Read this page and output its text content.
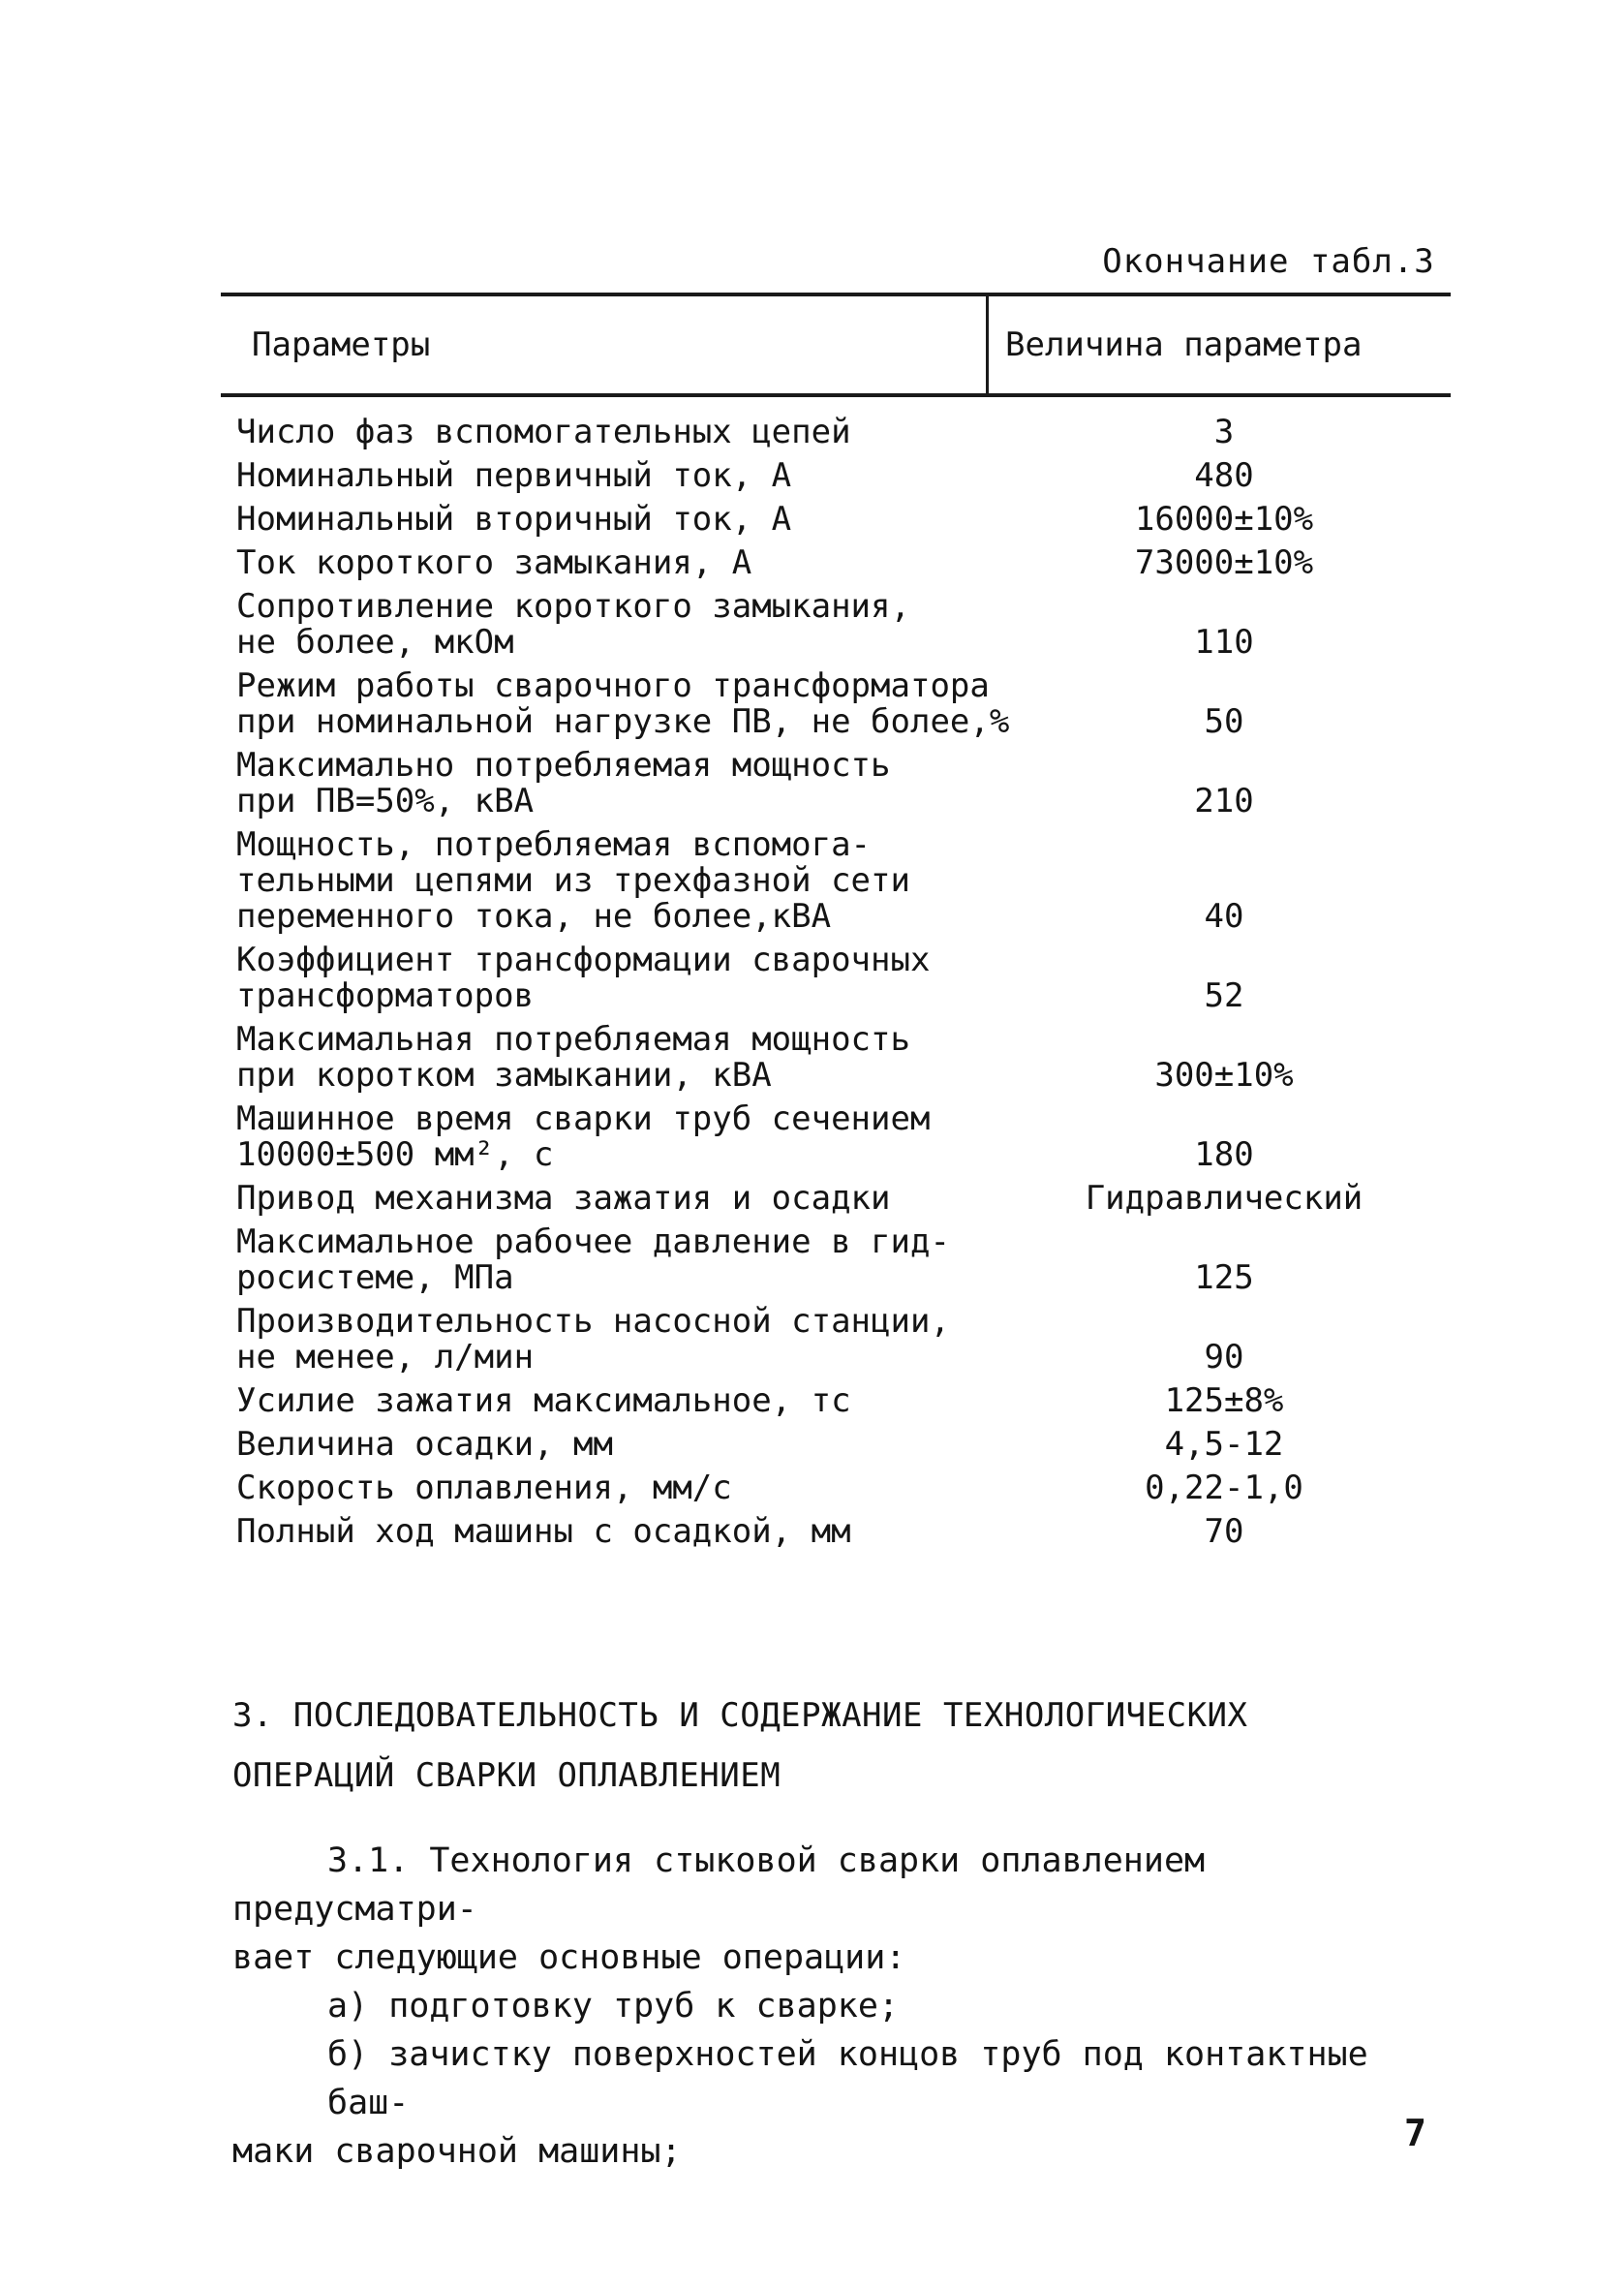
Окончание табл.3
Параметры	Величина параметра
Число фаз вспомогательных цепей	3
Номинальный первичный ток, А	480
Номинальный вторичный ток, А	16000±10%
Ток короткого замыкания, А	73000±10%
Сопротивление короткого замыкания,
не более, мкОм	110
Режим работы сварочного трансформатора
при номинальной нагрузке ПВ, не более,%	50
Максимально потребляемая мощность
при ПВ=50%, кВА	210
Мощность, потребляемая вспомога-
тельными цепями из трехфазной сети
переменного тока, не более,кВА	40
Коэффициент трансформации сварочных
трансформаторов	52
Максимальная потребляемая мощность
при коротком замыкании, кВА	300±10%
Машинное время сварки труб сечением
10000±500 мм², с	180
Привод механизма зажатия и осадки	Гидравлический
Максимальное рабочее давление в гид-
росистеме, МПа	125
Производительность насосной станции,
не менее, л/мин	90
Усилие зажатия максимальное, тс	125±8%
Величина осадки, мм	4,5-12
Скорость оплавления, мм/с	0,22-1,0
Полный ход машины с осадкой, мм	70
3. ПОСЛЕДОВАТЕЛЬНОСТЬ И СОДЕРЖАНИЕ ТЕХНОЛОГИЧЕСКИХ
ОПЕРАЦИЙ СВАРКИ ОПЛАВЛЕНИЕМ

3.1. Технология стыковой сварки оплавлением предусматри-

вает следующие основные операции:

а) подготовку труб к сварке;

б) зачистку поверхностей концов труб под контактные баш-

маки сварочной машины;	7
